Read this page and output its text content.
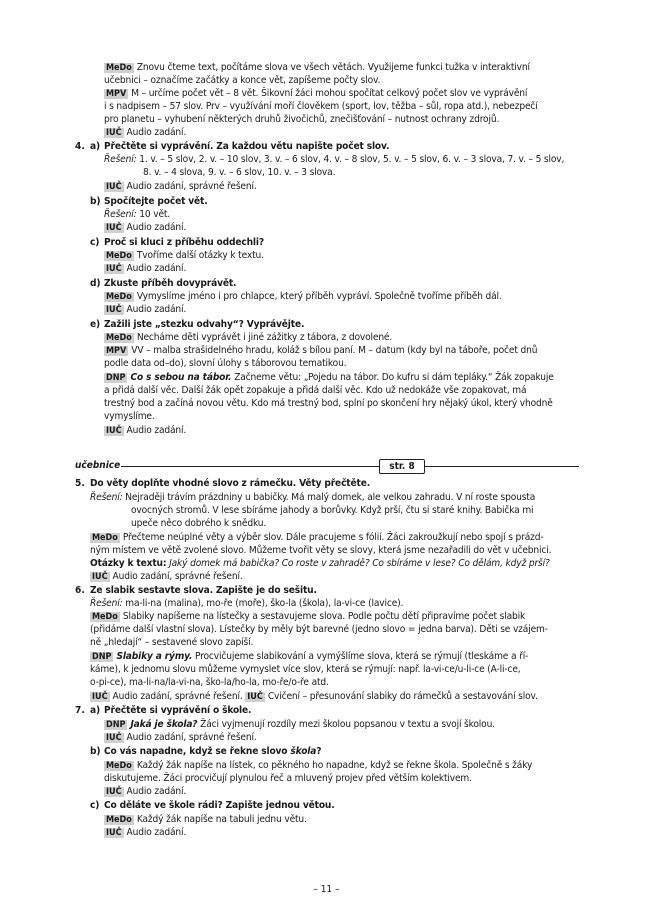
MeDo Znovu čteme text, počítáme slova ve všech větách. Využijeme funkci tužka v interaktivní
učebnici – označíme začátky a konce vět, zapíšeme počty slov.
MPV M – určíme počet vět – 8 vět. Šikovní žáci mohou spočítat celkový počet slov ve vyprávění
i s nadpisem – 57 slov. Prv – využívání moří člověkem (sport, lov, těžba – sůl, ropa atd.), nebezpečí
pro planetu – vyhubení některých druhů živočichů, znečišťování – nutnost ochrany zdrojů.
IUČ Audio zadání.
4. a) Přečtěte si vyprávění. Za každou větu napište počet slov.
Řešení: 1. v. – 5 slov, 2. v. – 10 slov, 3. v. – 6 slov, 4. v. – 8 slov, 5. v. – 5 slov, 6. v. – 3 slova, 7. v. – 5 slov,
8. v. – 4 slova, 9. v. – 6 slov, 10. v. – 3 slova.
IUČ Audio zadání, správné řešení.
b) Spočítejte počet vět.
Řešení: 10 vět.
IUČ Audio zadání.
c) Proč si kluci z příběhu oddechli?
MeDo Tvoříme další otázky k textu.
IUČ Audio zadání.
d) Zkuste příběh dovyprávět.
MeDo Vymyslíme jméno i pro chlapce, který příběh vypráví. Společně tvoříme příběh dál.
IUČ Audio zadání.
e) Zažili jste „stezku odvahy“? Vyprávějte.
MeDo Necháme děti vyprávět i jiné zážitky z tábora, z dovolené.
MPV VV – malba strašidelného hradu, koláž s bílou paní. M – datum (kdy byl na táboře, počet dnů
podle data od–do), slovní úlohy s táborovou tematikou.
DNP Co s sebou na tábor. Začneme větu: „Pojedu na tábor. Do kufru si dám tepláky.“ Žák zopakuje
a přidá další věc. Další žák opět zopakuje a přidá další věc. Kdo už nedokáže vše zopakovat, má
trestný bod a začíná novou větu. Kdo má trestný bod, splní po skončení hry nějaký úkol, který vhodně
vymyslíme.
IUČ Audio zadání.
učebnice	str. 8
5. Do věty doplňte vhodné slovo z rámečku. Věty přečtěte.
Řešení: Nejraději trávím prázdniny u babičky. Má malý domek, ale velkou zahradu. V ní roste spousta
ovocných stromů. V lese sbíráme jahody a borůvky. Když prší, čtu si staré knihy. Babička mi
upeče něco dobrého k snědku.
MeDo Přečteme neúplné věty a výběr slov. Dále pracujeme s fólií. Žáci zakroužkují nebo spojí s prázd-
ným místem ve větě zvolené slovo. Můžeme tvořit věty se slovy, která jsme nezařadili do vět v učebnici.
Otázky k textu: Jaký domek má babička? Co roste v zahradě? Co sbíráme v lese? Co dělám, když prší?
IUČ Audio zadání, správné řešení.
6. Ze slabik sestavte slova. Zapište je do sešitu.
Řešení: ma-li-na (malina), mo-ře (moře), ško-la (škola), la-vi-ce (lavice).
MeDo Slabiky napíšeme na lístečky a sestavujeme slova. Podle počtu dětí připravíme počet slabik
(přidáme další vlastní slova). Lístečky by měly být barevné (jedno slovo = jedna barva). Děti se vzájem-
ně „hledají“ – sestavené slovo zapíší.
DNP Slabiky a rýmy. Procvičujeme slabikování a vymýšlíme slova, která se rýmují (tleskáme a ří-
káme), k jednomu slovu můžeme vymyslet více slov, která se rýmují: např. la-vi-ce/u-li-ce (A-li-ce,
o-pi-ce), ma-li-na/la-vi-na, ško-la/ho-la, mo-ře/o-ře atd.
IUČ Audio zadání, správné řešení. IUČ Cvičení – přesunování slabiky do rámečků a sestavování slov.
7. a) Přečtěte si vyprávění o škole.
DNP Jaká je škola? Žáci vyjmenují rozdíly mezi školou popsanou v textu a svojí školou.
IUČ Audio zadání, správné řešení.
b) Co vás napadne, když se řekne slovo škola?
MeDo Každý žák napíše na lístek, co pěkného ho napadne, když se řekne škola. Společně s žáky
diskutujeme. Žáci procvičují plynulou řeč a mluvený projev před větším kolektivem.
IUČ Audio zadání.
c) Co děláte ve škole rádi? Zapište jednou větou.
MeDo Každý žák napíše na tabuli jednu větu.
IUČ Audio zadání.
– 11 –
